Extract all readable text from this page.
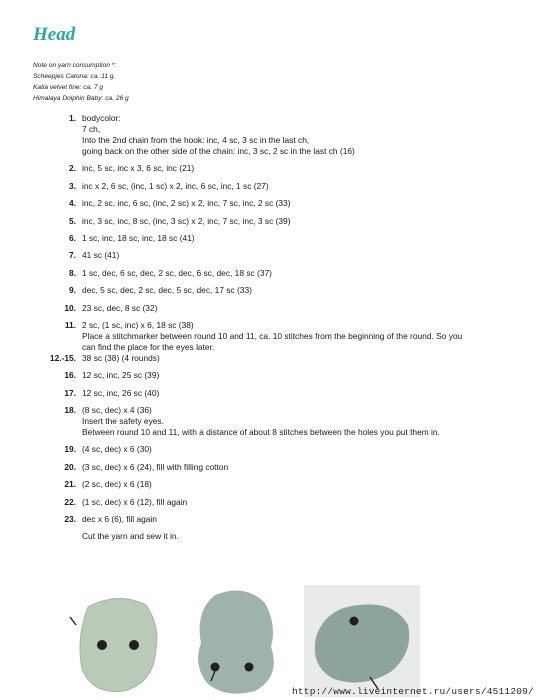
Head
Note on yarn consumption *:
Scheepjes Catona: ca. 11 g.
Katia velvet fine: ca. 7 g
Himalaya Dolphin Baby: ca. 26 g
1. bodycolor:
7 ch,
Into the 2nd chain from the hook: inc, 4 sc, 3 sc in the last ch,
going back on the other side of the chain: inc, 3 sc, 2 sc in the last ch (16)
2. inc, 5 sc, inc x 3, 6 sc, inc (21)
3. inc x 2, 6 sc, (inc, 1 sc) x 2, inc, 6 sc, inc, 1 sc (27)
4. inc, 2 sc, inc, 6 sc, (inc, 2 sc) x 2, inc, 7 sc, inc, 2 sc (33)
5. inc, 3 sc, inc, 8 sc, (inc, 3 sc) x 2, inc, 7 sc, inc, 3 sc (39)
6. 1 sc, inc, 18 sc, inc, 18 sc (41)
7. 41 sc (41)
8. 1 sc, dec, 6 sc, dec, 2 sc, dec, 6 sc, dec, 18 sc (37)
9. dec, 5 sc, dec, 2 sc, dec, 5 sc, dec, 17 sc (33)
10. 23 sc, dec, 8 sc (32)
11. 2 sc, (1 sc, inc) x 6, 18 sc (38)
Place a stitchmarker between round 10 and 11, ca. 10 stitches from the beginning of the round. So you
can find the place for the eyes later.
12.-15. 38 sc (38) (4 rounds)
16. 12 sc, inc, 25 sc (39)
17. 12 sc, inc, 26 sc (40)
18. (8 sc, dec) x 4 (36)
Insert the safety eyes.
Between round 10 and 11, with a distance of about 8 stitches between the holes you put them in.
19. (4 sc, dec) x 6 (30)
20. (3 sc, dec) x 6 (24), fill with filling cotton
21. (2 sc, dec) x 6 (18)
22. (1 sc, dec) x 6 (12), fill again
23. dec x 6 (6), fill again
Cut the yarn and sew it in.
http://www.liveinternet.ru/users/4511209/
